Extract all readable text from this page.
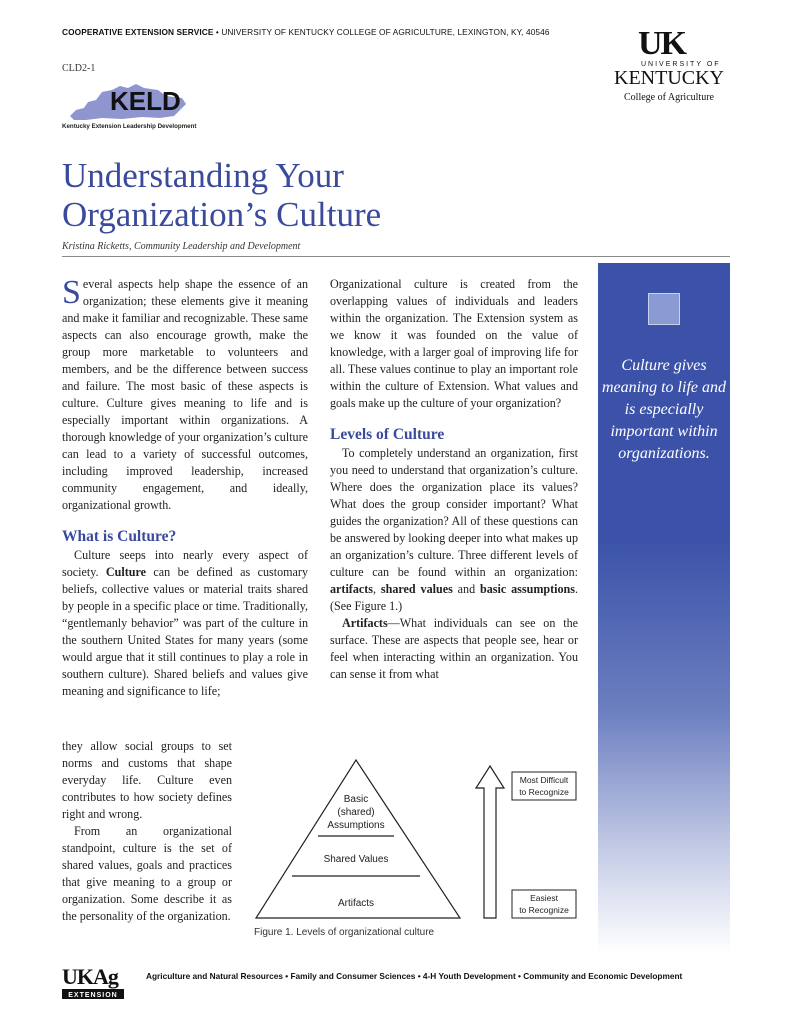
COOPERATIVE EXTENSION SERVICE • UNIVERSITY OF KENTUCKY COLLEGE OF AGRICULTURE, LEXINGTON, KY, 40546
CLD2-1
KELD
Kentucky Extension Leadership Development
UK
UNIVERSITY OF
KENTUCKY
College of Agriculture
Understanding Your
Organization’s Culture
Kristina Ricketts, Community Leadership and Development

Several aspects help shape the essence of an organization; these elements give it meaning and make it familiar and recognizable. These same aspects can also encourage growth, make the group more marketable to volunteers and members, and be the difference between success and failure. The most basic of these aspects is culture. Culture gives meaning to life and is especially important within organizations. A thorough knowledge of your organization’s culture can lead to a variety of successful outcomes, including improved leadership, increased community engagement, and ideally, organizational growth.

What is Culture?

Culture seeps into nearly every aspect of society. Culture can be defined as customary beliefs, collective values or material traits shared by people in a specific place or time. Traditionally, “gentlemanly behavior” was part of the culture in the southern United States for many years (some would argue that it still continues to play a role in southern culture). Shared beliefs and values give meaning and significance to life;

they allow social groups to set norms and customs that shape everyday life. Culture even contributes to how society defines right and wrong.

From an organizational standpoint, culture is the set of shared values, goals and practices that give meaning to a group or organization. Some describe it as the personality of the organization.

Organizational culture is created from the overlapping values of individuals and leaders within the organization. The Extension system as we know it was founded on the value of knowledge, with a larger goal of improving life for all. These values continue to play an important role within the culture of Extension. What values and goals make up the culture of your organization?

Levels of Culture

To completely understand an organization, first you need to understand that organization’s culture. Where does the organization place its values? What does the group consider important? What guides the organization? All of these questions can be answered by looking deeper into what makes up an organization’s culture. Three different levels of culture can be found within an organization: artifacts, shared values and basic assumptions. (See Figure 1.)

Artifacts—What individuals can see on the surface. These are aspects that people see, hear or feel when interacting within an organization. You can sense it from what

Culture gives meaning to life and is especially important within organizations.
Basic
(shared)
Assumptions
Shared Values
Artifacts
Most Difficult
to Recognize
Easiest
to Recognize
Figure 1. Levels of organizational culture
UKAg
EXTENSION
Agriculture and Natural Resources • Family and Consumer Sciences • 4-H Youth Development • Community and Economic Development
